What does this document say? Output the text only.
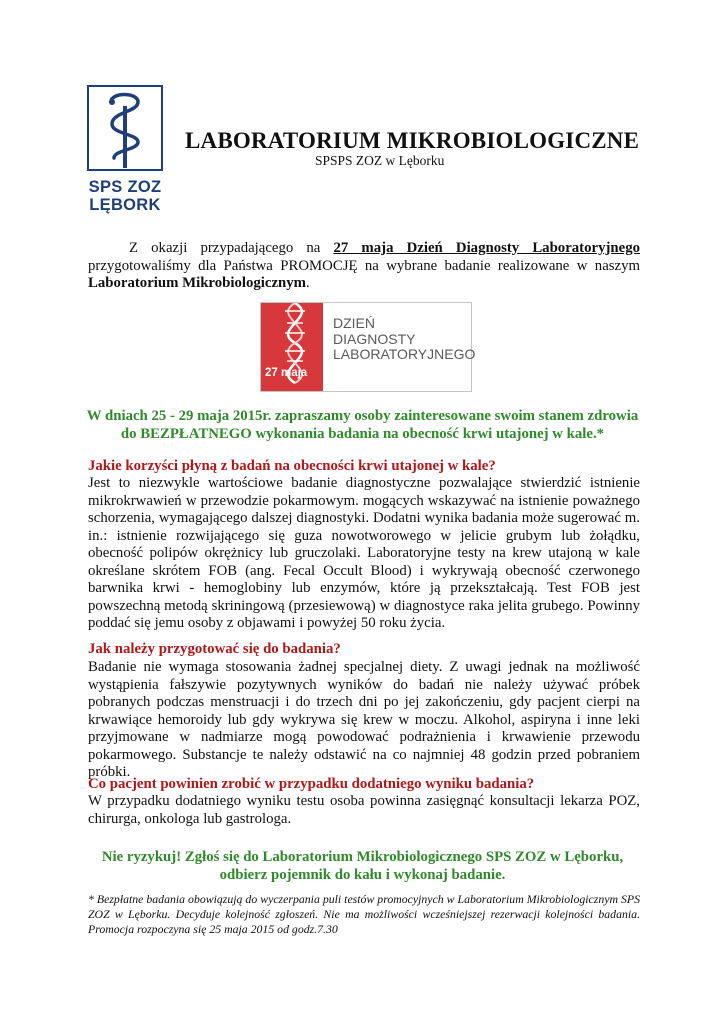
SPS ZOZ
LĘBORK
LABORATORIUM MIKROBIOLOGICZNE
SPSPS ZOZ w Lęborku
Z okazji przypadającego na 27 maja Dzień Diagnosty Laboratoryjnego przygotowaliśmy dla Państwa PROMOCJĘ na wybrane badanie realizowane w naszym Laboratorium Mikrobiologicznym.
27 maja
DZIEŃ
DIAGNOSTY
LABORATORYJNEGO
W dniach 25 - 29 maja 2015r. zapraszamy osoby zainteresowane swoim stanem zdrowia
do BEZPŁATNEGO wykonania badania na obecność krwi utajonej w kale.*
Jakie korzyści płyną z badań na obecności krwi utajonej w kale?
Jest to niezwykle wartościowe badanie diagnostyczne pozwalające stwierdzić istnienie mikrokrwawień w przewodzie pokarmowym. mogących wskazywać na istnienie poważnego schorzenia, wymagającego dalszej diagnostyki. Dodatni wynika badania może sugerować m. in.: istnienie rozwijającego się guza nowotworowego w jelicie grubym lub żołądku, obecność polipów okrężnicy lub gruczolaki. Laboratoryjne testy na krew utajoną w kale określane skrótem FOB (ang. Fecal Occult Blood) i wykrywają obecność czerwonego barwnika krwi - hemoglobiny lub enzymów, które ją przekształcają. Test FOB jest powszechną metodą skriningową (przesiewową) w diagnostyce raka jelita grubego. Powinny poddać się jemu osoby z objawami i powyżej 50 roku życia.
Jak należy przygotować się do badania?
Badanie nie wymaga stosowania żadnej specjalnej diety. Z uwagi jednak na możliwość wystąpienia fałszywie pozytywnych wyników do badań nie należy używać próbek pobranych podczas menstruacji i do trzech dni po jej zakończeniu, gdy pacjent cierpi na krwawiące hemoroidy lub gdy wykrywa się krew w moczu. Alkohol, aspiryna i inne leki przyjmowane w nadmiarze mogą powodować podrażnienia i krwawienie przewodu pokarmowego. Substancje te należy odstawić na co najmniej 48 godzin przed pobraniem próbki.
Co pacjent powinien zrobić w przypadku dodatniego wyniku badania?
W przypadku dodatniego wyniku testu osoba powinna zasięgnąć konsultacji lekarza POZ, chirurga, onkologa lub gastrologa.
Nie ryzykuj! Zgłoś się do Laboratorium Mikrobiologicznego SPS ZOZ w Lęborku,
odbierz pojemnik do kału i wykonaj badanie.
* Bezpłatne badania obowiązują do wyczerpania puli testów promocyjnych w Laboratorium Mikrobiologicznym SPS ZOZ w Lęborku. Decyduje kolejność zgłoszeń. Nie ma możliwości wcześniejszej rezerwacji kolejności badania. Promocja rozpoczyna się 25 maja 2015 od godz.7.30
